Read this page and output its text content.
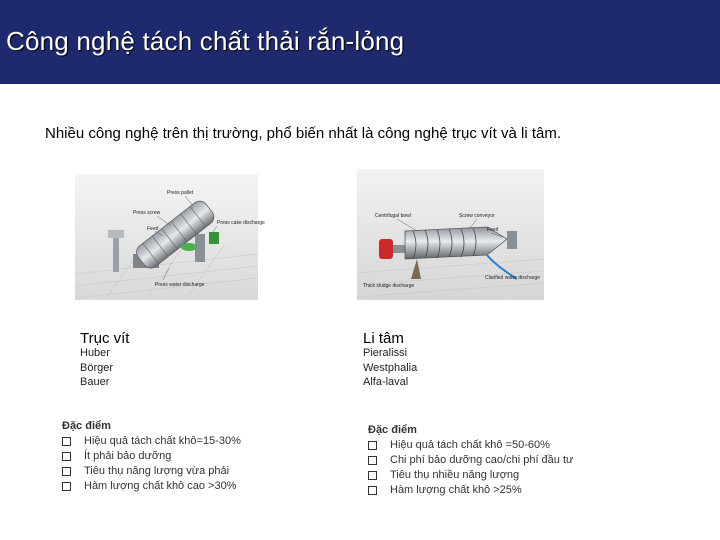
Công nghệ tách chất thải rắn-lỏng
Nhiều công nghệ trên thị trường, phổ biến nhất là công nghệ trục vít và li tâm.
Press pallet
Press screw
Feed
Press cake discharge
Press water discharge
Centrifugal bowl	Screw conveyor
Feed
Clarified water discharge
Thick sludge discharge
Trục vít
Huber
Börger
Bauer
Đặc điểm
Hiệu quả tách chất khô=15-30%
Ít phải bảo dưỡng
Tiêu thụ năng lượng vừa phải
Hàm lượng chất khô cao >30%
Li tâm
Pieralissi
Westphalia
Alfa-laval
Đặc điểm
Hiệu quả tách chất khô =50-60%
Chi phí bảo dưỡng cao/chi phí đầu tư
Tiêu thụ nhiều năng lượng
Hàm lượng chất khô >25%
